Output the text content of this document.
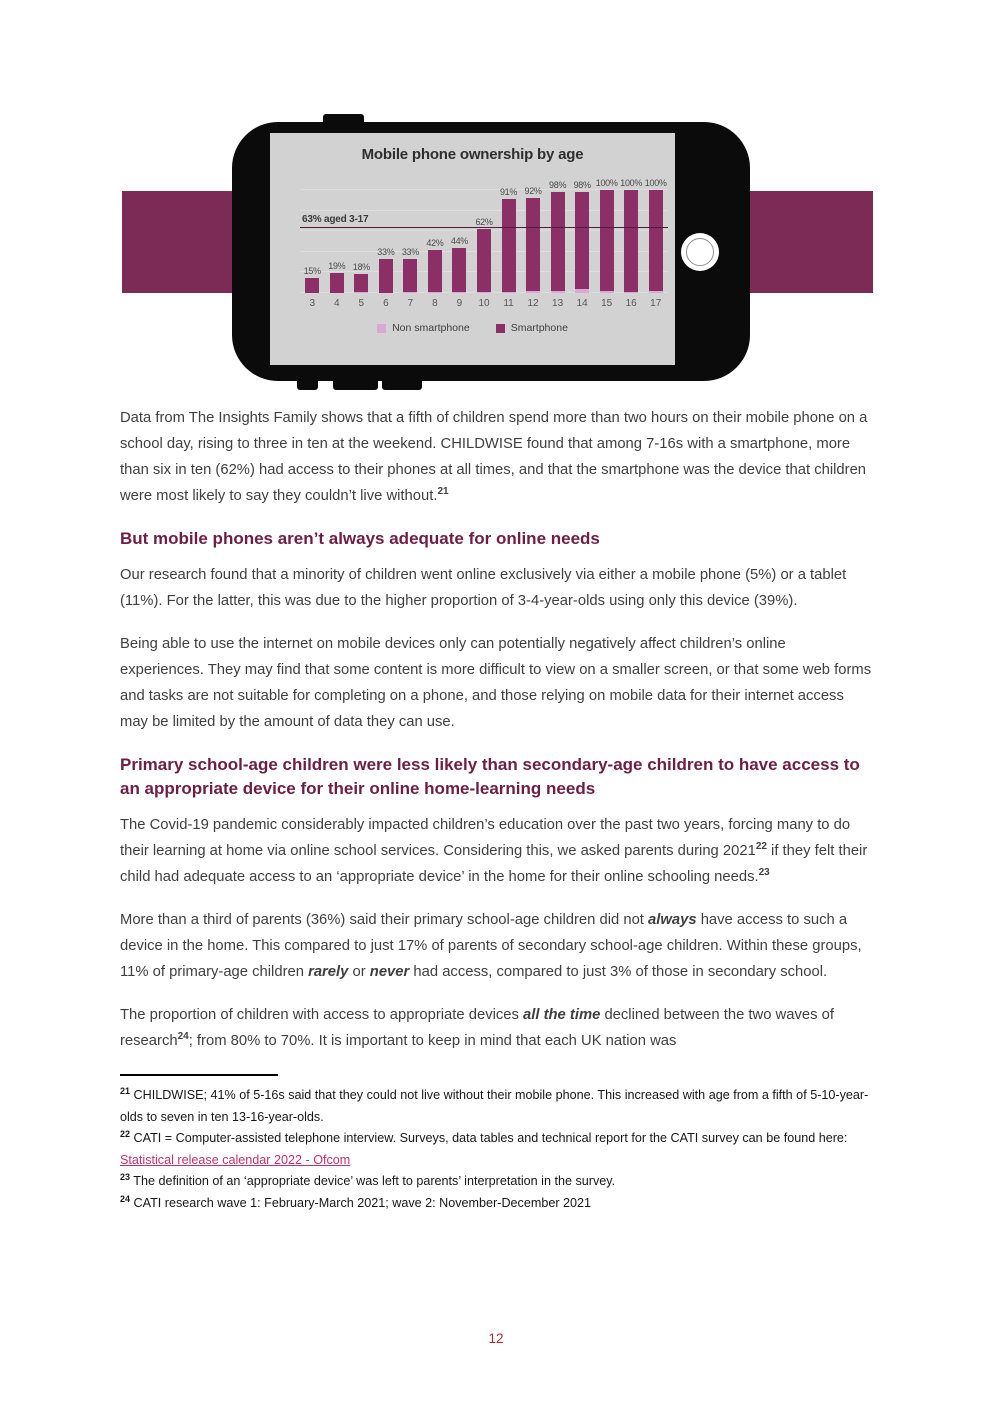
Mobile phone ownership by age
15%
3
19%
4
18%
5
33%
6
33%
7
42%
8
44%
9
62%
10
91%
11
92%
12
98%
13
98%
14
100%
15
100%
16
100%
17
63% aged 3-17
Non smartphone	Smartphone

Data from The Insights Family shows that a fifth of children spend more than two hours on their mobile phone on a school day, rising to three in ten at the weekend. CHILDWISE found that among 7-16s with a smartphone, more than six in ten (62%) had access to their phones at all times, and that the smartphone was the device that children were most likely to say they couldn’t live without.$^{21}$

But mobile phones aren’t always adequate for online needs

Our research found that a minority of children went online exclusively via either a mobile phone (5%) or a tablet (11%). For the latter, this was due to the higher proportion of 3-4-year-olds using only this device (39%).

Being able to use the internet on mobile devices only can potentially negatively affect children’s online experiences. They may find that some content is more difficult to view on a smaller screen, or that some web forms and tasks are not suitable for completing on a phone, and those relying on mobile data for their internet access may be limited by the amount of data they can use.

Primary school-age children were less likely than secondary-age children to have access to an appropriate device for their online home-learning needs

The Covid-19 pandemic considerably impacted children’s education over the past two years, forcing many to do their learning at home via online school services. Considering this, we asked parents during 2021$^{22}$ if they felt their child had adequate access to an ‘appropriate device’ in the home for their online schooling needs.$^{23}$

More than a third of parents (36%) said their primary school-age children did not always have access to such a device in the home. This compared to just 17% of parents of secondary school-age children. Within these groups, 11% of primary-age children rarely or never had access, compared to just 3% of those in secondary school.

The proportion of children with access to appropriate devices all the time declined between the two waves of research$^{24}$; from 80% to 70%. It is important to keep in mind that each UK nation was

$^{21}$ CHILDWISE; 41% of 5-16s said that they could not live without their mobile phone. This increased with age from a fifth of 5-10-year-olds to seven in ten 13-16-year-olds.
$^{22}$ CATI = Computer-assisted telephone interview. Surveys, data tables and technical report for the CATI survey can be found here: Statistical release calendar 2022 - Ofcom
$^{23}$ The definition of an ‘appropriate device’ was left to parents’ interpretation in the survey.
$^{24}$ CATI research wave 1: February-March 2021; wave 2: November-December 2021
12
